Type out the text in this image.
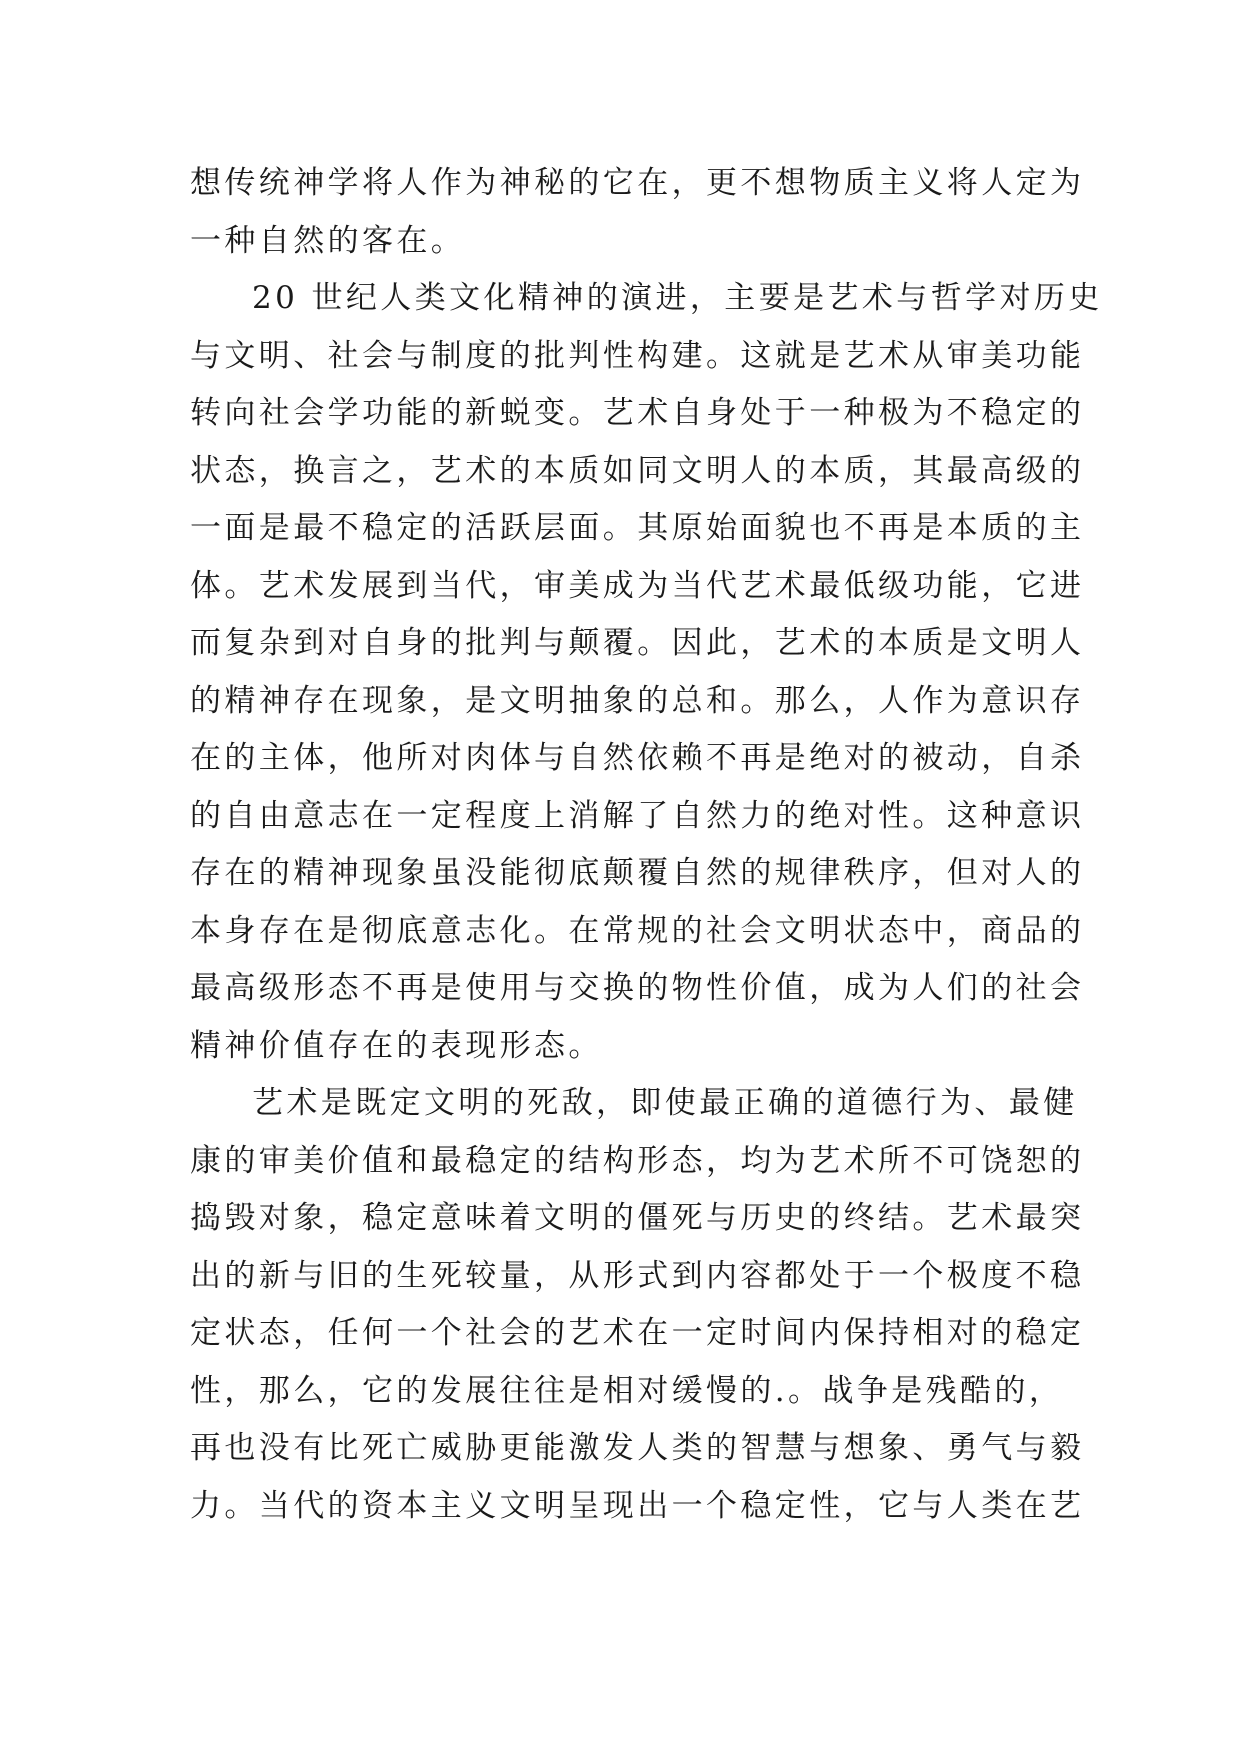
想传统神学将人作为神秘的它在，更不想物质主义将人定为
一种自然的客在。
20 世纪人类文化精神的演进，主要是艺术与哲学对历史
与文明、社会与制度的批判性构建。这就是艺术从审美功能
转向社会学功能的新蜕变。艺术自身处于一种极为不稳定的
状态，换言之，艺术的本质如同文明人的本质，其最高级的
一面是最不稳定的活跃层面。其原始面貌也不再是本质的主
体。艺术发展到当代，审美成为当代艺术最低级功能，它进
而复杂到对自身的批判与颠覆。因此，艺术的本质是文明人
的精神存在现象，是文明抽象的总和。那么，人作为意识存
在的主体，他所对肉体与自然依赖不再是绝对的被动，自杀
的自由意志在一定程度上消解了自然力的绝对性。这种意识
存在的精神现象虽没能彻底颠覆自然的规律秩序，但对人的
本身存在是彻底意志化。在常规的社会文明状态中，商品的
最高级形态不再是使用与交换的物性价值，成为人们的社会
精神价值存在的表现形态。
艺术是既定文明的死敌，即使最正确的道德行为、最健
康的审美价值和最稳定的结构形态，均为艺术所不可饶恕的
捣毁对象，稳定意味着文明的僵死与历史的终结。艺术最突
出的新与旧的生死较量，从形式到内容都处于一个极度不稳
定状态，任何一个社会的艺术在一定时间内保持相对的稳定
性，那么，它的发展往往是相对缓慢的.。战争是残酷的，
再也没有比死亡威胁更能激发人类的智慧与想象、勇气与毅
力。当代的资本主义文明呈现出一个稳定性，它与人类在艺
